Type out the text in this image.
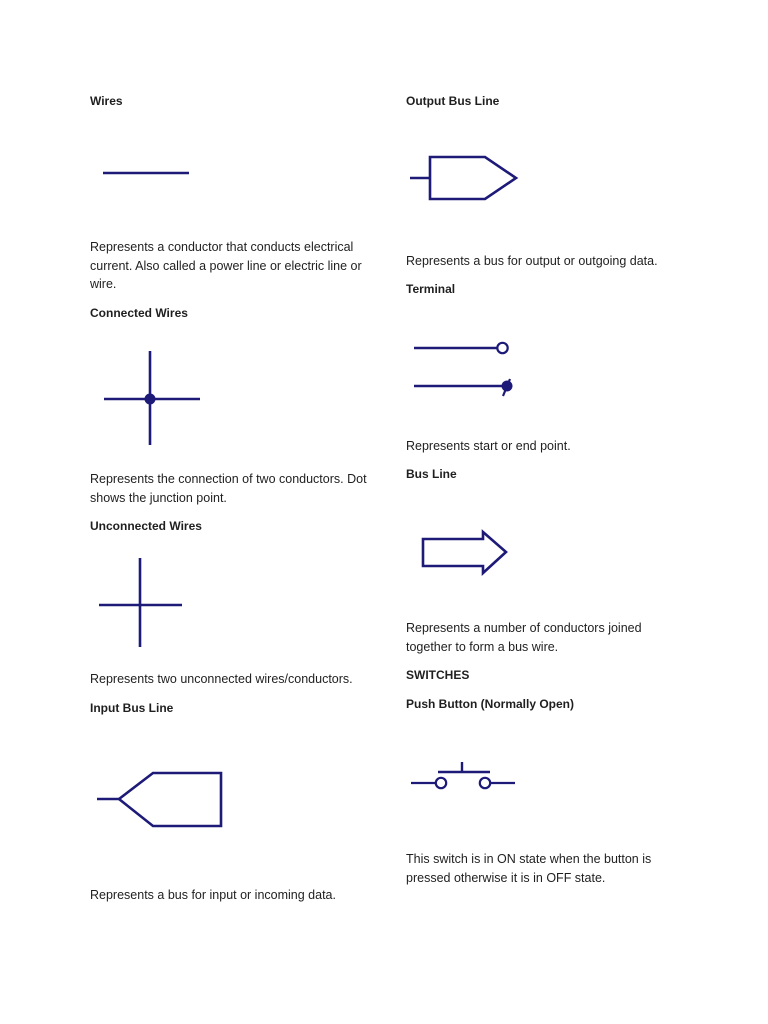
Wires
Represents a conductor that conducts electrical current. Also called a power line or electric line or wire.
Connected Wires
Represents the connection of two conductors. Dot shows the junction point.
Unconnected Wires
Represents two unconnected wires/conductors.
Input Bus Line
Represents a bus for input or incoming data.
Output Bus Line
Represents a bus for output or outgoing data.
Terminal
Represents start or end point.
Bus Line
Represents a number of conductors joined together to form a bus wire.
SWITCHES
Push Button (Normally Open)
This switch is in ON state when the button is pressed otherwise it is in OFF state.
